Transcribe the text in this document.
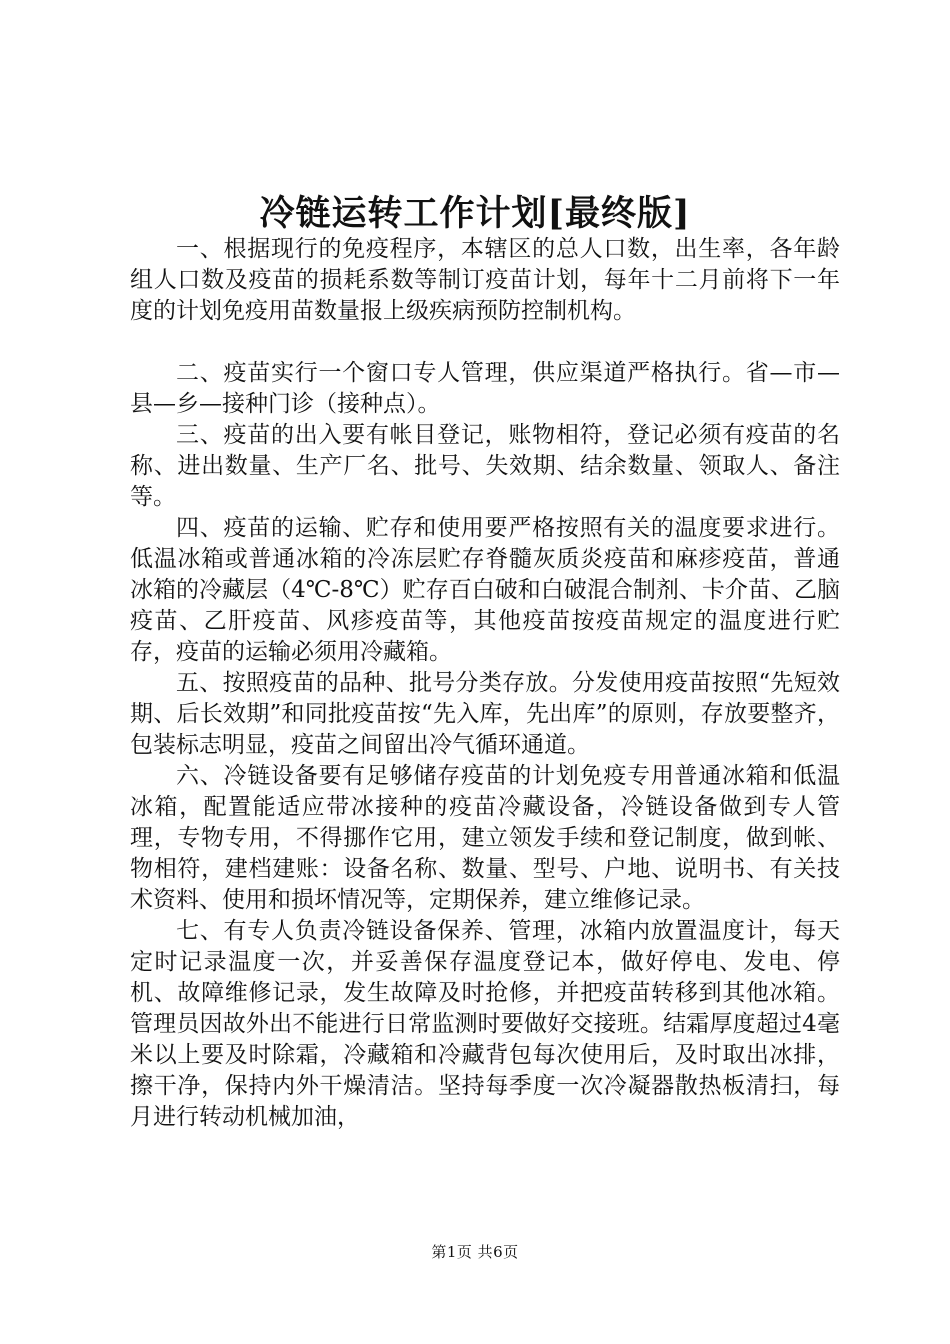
冷链运转工作计划[最终版]

一、根据现行的免疫程序，本辖区的总人口数，出生率，各年龄组人口数及疫苗的损耗系数等制订疫苗计划，每年十二月前将下一年度的计划免疫用苗数量报上级疾病预防控制机构。

二、疫苗实行一个窗口专人管理，供应渠道严格执行。省—市—县—乡—接种门诊（接种点）。

三、疫苗的出入要有帐目登记，账物相符，登记必须有疫苗的名称、进出数量、生产厂名、批号、失效期、结余数量、领取人、备注等。

四、疫苗的运输、贮存和使用要严格按照有关的温度要求进行。低温冰箱或普通冰箱的冷冻层贮存脊髓灰质炎疫苗和麻疹疫苗，普通冰箱的冷藏层（4℃-8℃）贮存百白破和白破混合制剂、卡介苗、乙脑疫苗、乙肝疫苗、风疹疫苗等，其他疫苗按疫苗规定的温度进行贮存，疫苗的运输必须用冷藏箱。

五、按照疫苗的品种、批号分类存放。分发使用疫苗按照“先短效期、后长效期”和同批疫苗按“先入库，先出库”的原则，存放要整齐，包装标志明显，疫苗之间留出冷气循环通道。

六、冷链设备要有足够储存疫苗的计划免疫专用普通冰箱和低温冰箱，配置能适应带冰接种的疫苗冷藏设备，冷链设备做到专人管理，专物专用，不得挪作它用，建立领发手续和登记制度，做到帐、物相符，建档建账：设备名称、数量、型号、户地、说明书、有关技术资料、使用和损坏情况等，定期保养，建立维修记录。

七、有专人负责冷链设备保养、管理，冰箱内放置温度计，每天定时记录温度一次，并妥善保存温度登记本，做好停电、发电、停机、故障维修记录，发生故障及时抢修，并把疫苗转移到其他冰箱。管理员因故外出不能进行日常监测时要做好交接班。结霜厚度超过4毫米以上要及时除霜，冷藏箱和冷藏背包每次使用后，及时取出冰排，擦干净，保持内外干燥清洁。坚持每季度一次冷凝器散热板清扫，每月进行转动机械加油，

第1页 共6页
